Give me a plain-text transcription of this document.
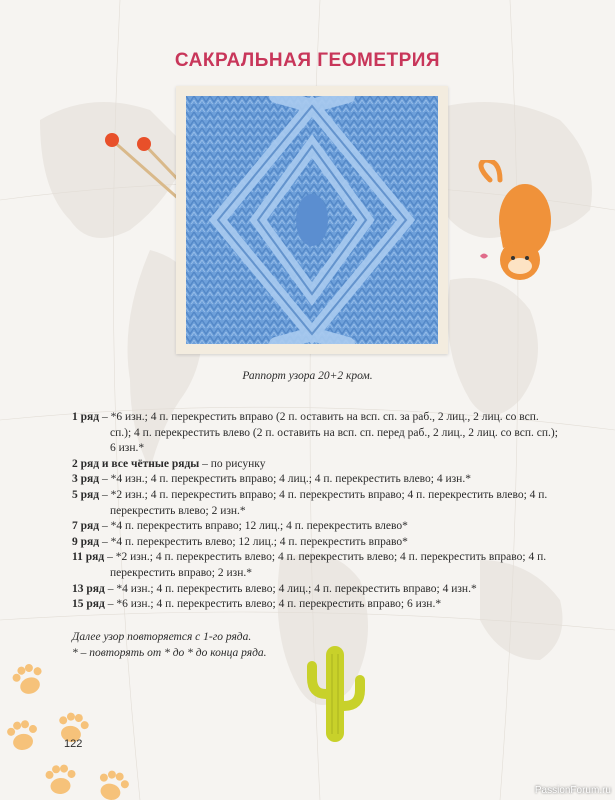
САКРАЛЬНАЯ ГЕОМЕТРИЯ
Раппорт узора 20+2 кром.
1 ряд – *6 изн.; 4 п. перекрестить вправо (2 п. оставить на всп. сп. за раб., 2 лиц., 2 лиц. со всп. сп.); 4 п. перекрестить влево (2 п. оставить на всп. сп. перед раб., 2 лиц., 2 лиц. со всп. сп.); 6 изн.*
2 ряд и все чётные ряды – по рисунку
3 ряд – *4 изн.; 4 п. перекрестить вправо; 4 лиц.; 4 п. перекрестить влево; 4 изн.*
5 ряд – *2 изн.; 4 п. перекрестить вправо; 4 п. перекрестить вправо; 4 п. перекрестить влево; 4 п. перекрестить влево; 2 изн.*
7 ряд – *4 п. перекрестить вправо; 12 лиц.; 4 п. перекрестить влево*
9 ряд – *4 п. перекрестить влево; 12 лиц.; 4 п. перекрестить вправо*
11 ряд – *2 изн.; 4 п. перекрестить влево; 4 п. перекрестить влево; 4 п. перекрестить вправо; 4 п. перекрестить вправо; 2 изн.*
13 ряд – *4 изн.; 4 п. перекрестить влево; 4 лиц.; 4 п. перекрестить вправо; 4 изн.*
15 ряд – *6 изн.; 4 п. перекрестить влево; 4 п. перекрестить вправо; 6 изн.*
Далее узор повторяется с 1-го ряда.
* – повторять от * до * до конца ряда.
122
PassionForum.ru
